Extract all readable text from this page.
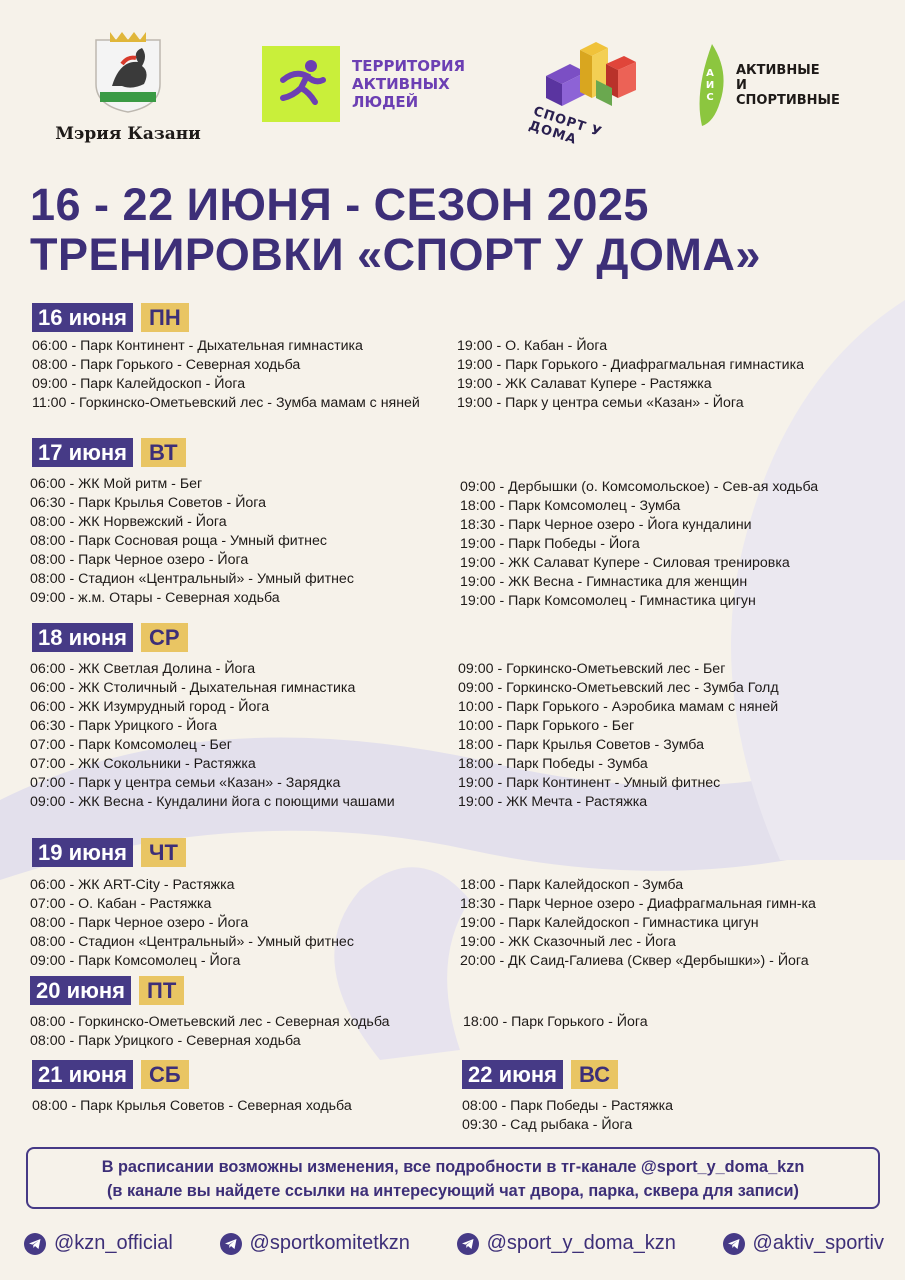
Мэрия Казани
ТЕРРИТОРИЯ
АКТИВНЫХ
ЛЮДЕЙ
СПОРТ У ДОМА
А
И
С
АКТИВНЫЕ
И
СПОРТИВНЫЕ
16 - 22 ИЮНЯ - СЕЗОН 2025
ТРЕНИРОВКИ «СПОРТ У ДОМА»
16 июня	ПН
06:00 - Парк Континент - Дыхательная гимнастика
08:00 - Парк Горького - Северная ходьба
09:00 - Парк Калейдоскоп - Йога
11:00 - Горкинско-Ометьевский лес - Зумба мамам с няней
19:00 - О. Кабан - Йога
19:00 - Парк Горького - Диафрагмальная гимнастика
19:00 - ЖК Салават Купере - Растяжка
19:00 - Парк у центра семьи «Казан» - Йога
17 июня	ВТ
06:00 - ЖК Мой ритм - Бег
06:30 - Парк Крылья Советов - Йога
08:00 - ЖК Норвежский - Йога
08:00 - Парк Сосновая роща - Умный фитнес
08:00 - Парк Черное озеро - Йога
08:00 - Стадион «Центральный» - Умный фитнес
09:00 - ж.м. Отары - Северная ходьба
09:00 - Дербышки (о. Комсомольское) - Сев-ая ходьба
18:00 - Парк Комсомолец - Зумба
18:30 - Парк Черное озеро - Йога кундалини
19:00 - Парк Победы - Йога
19:00 - ЖК Салават Купере - Силовая тренировка
19:00 - ЖК Весна - Гимнастика для женщин
19:00 - Парк Комсомолец - Гимнастика цигун
18 июня	СР
06:00 - ЖК Светлая Долина - Йога
06:00 - ЖК Столичный - Дыхательная гимнастика
06:00 - ЖК Изумрудный город - Йога
06:30 - Парк Урицкого - Йога
07:00 - Парк Комсомолец - Бег
07:00 - ЖК Сокольники - Растяжка
07:00 - Парк у центра семьи «Казан» - Зарядка
09:00 - ЖК Весна - Кундалини йога с поющими чашами
09:00 - Горкинско-Ометьевский лес - Бег
09:00 - Горкинско-Ометьевский лес - Зумба Голд
10:00 - Парк Горького - Аэробика мамам с няней
10:00 - Парк Горького - Бег
18:00 - Парк Крылья Советов - Зумба
18:00 - Парк Победы - Зумба
19:00 - Парк Континент - Умный фитнес
19:00 - ЖК Мечта - Растяжка
19 июня	ЧТ
06:00 - ЖК ART-City - Растяжка
07:00 - О. Кабан - Растяжка
08:00 - Парк Черное озеро - Йога
08:00 - Стадион «Центральный» - Умный фитнес
09:00 - Парк Комсомолец - Йога
18:00 - Парк Калейдоскоп - Зумба
18:30 - Парк Черное озеро - Диафрагмальная гимн-ка
19:00 - Парк Калейдоскоп - Гимнастика цигун
19:00 - ЖК Сказочный лес - Йога
20:00 - ДК Саид-Галиева (Сквер «Дербышки») - Йога
20 июня	ПТ
08:00 - Горкинско-Ометьевский лес - Северная ходьба
08:00 - Парк Урицкого - Северная ходьба
18:00 - Парк Горького - Йога
21 июня	СБ
08:00 - Парк Крылья Советов - Северная ходьба
22 июня	ВС
08:00 - Парк Победы - Растяжка
09:30 - Сад рыбака - Йога
В расписании возможны изменения, все подробности в тг-канале @sport_y_doma_kzn
(в канале вы найдете ссылки на интересующий чат двора, парка, сквера для записи)
@kzn_official	@sportkomitetkzn	@sport_y_doma_kzn	@aktiv_sportiv
